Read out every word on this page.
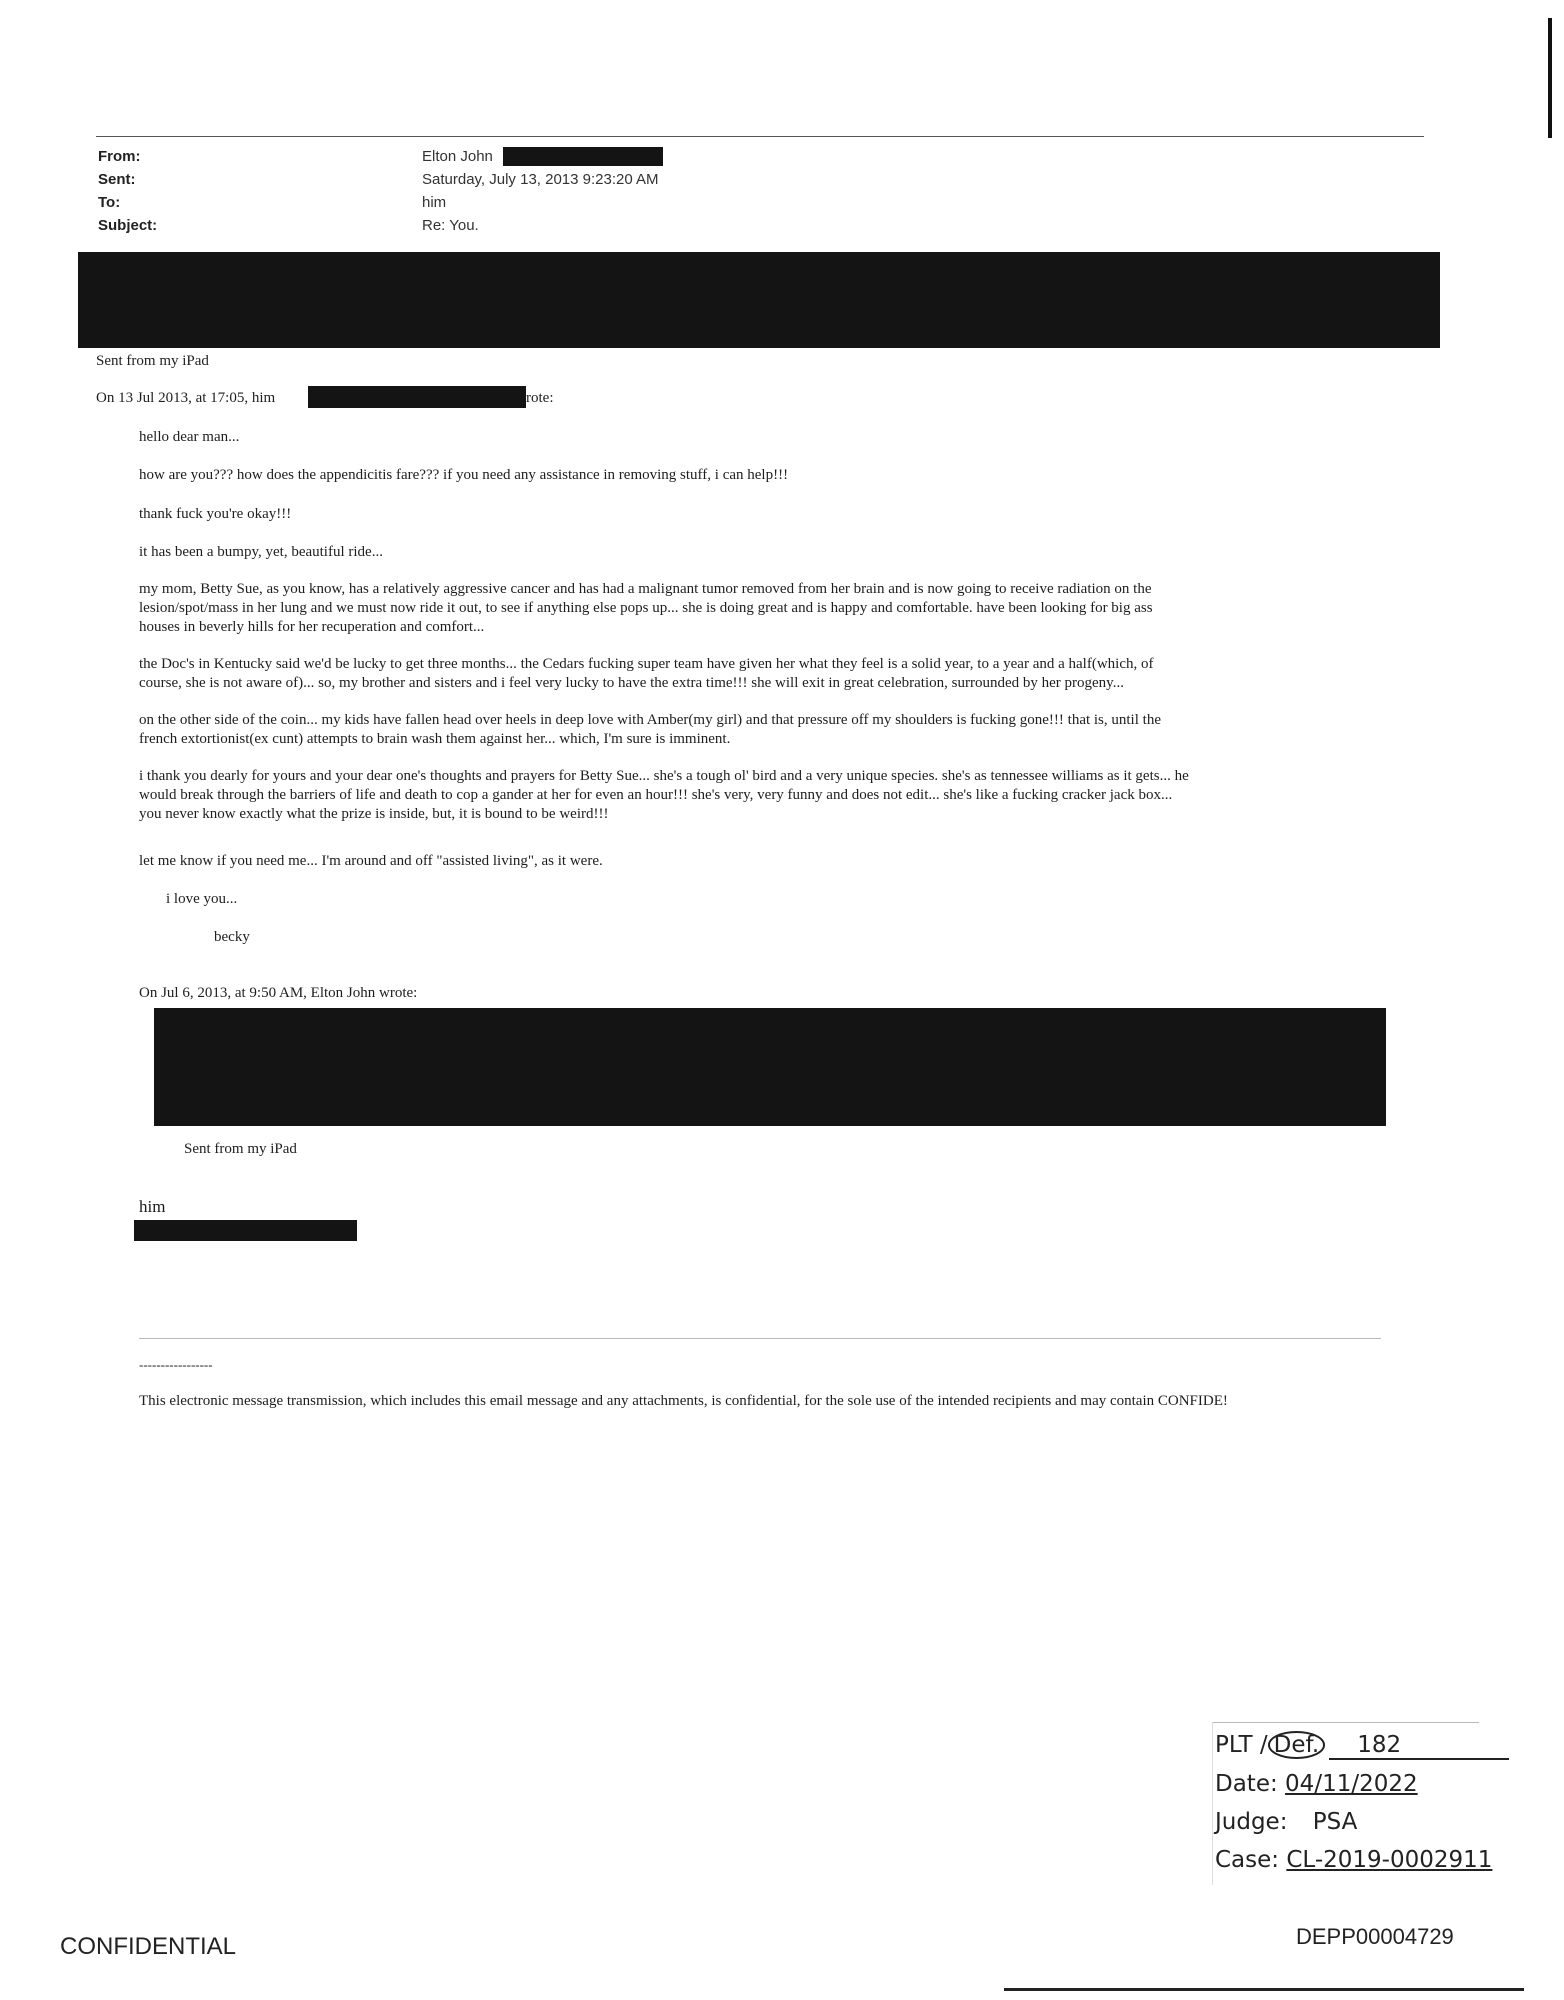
From:	Elton John
Sent:	Saturday, July 13, 2013 9:23:20 AM
To:	him
Subject:	Re: You.
Sent from my iPad
On 13 Jul 2013, at 17:05, him	rote:
hello dear man...
how are you??? how does the appendicitis fare??? if you need any assistance in removing stuff, i can help!!!
thank fuck you're okay!!!
it has been a bumpy, yet, beautiful ride...
my mom, Betty Sue, as you know, has a relatively aggressive cancer and has had a malignant tumor removed from her brain and is now going to receive radiation on the
lesion/spot/mass in her lung and we must now ride it out, to see if anything else pops up... she is doing great and is happy and comfortable. have been looking for big ass
houses in beverly hills for her recuperation and comfort...
the Doc's in Kentucky said we'd be lucky to get three months... the Cedars fucking super team have given her what they feel is a solid year, to a year and a half(which, of
course, she is not aware of)... so, my brother and sisters and i feel very lucky to have the extra time!!! she will exit in great celebration, surrounded by her progeny...
on the other side of the coin... my kids have fallen head over heels in deep love with Amber(my girl) and that pressure off my shoulders is fucking gone!!! that is, until the
french extortionist(ex cunt) attempts to brain wash them against her... which, I'm sure is imminent.
i thank you dearly for yours and your dear one's thoughts and prayers for Betty Sue... she's a tough ol' bird and a very unique species. she's as tennessee williams as it gets... he
would break through the barriers of life and death to cop a gander at her for even an hour!!! she's very, very funny and does not edit... she's like a fucking cracker jack box...
you never know exactly what the prize is inside, but, it is bound to be weird!!!
let me know if you need me... I'm around and off "assisted living", as it were.
i love you...
becky
On Jul 6, 2013, at 9:50 AM, Elton John wrote:
Sent from my iPad
him
-----------------
This electronic message transmission, which includes this email message and any attachments, is confidential, for the sole use of the intended recipients and may contain CONFIDE!
PLT / Def. 182
Date: 04/11/2022
Judge: PSA
Case: CL-2019-0002911
CONFIDENTIAL	DEPP00004729
